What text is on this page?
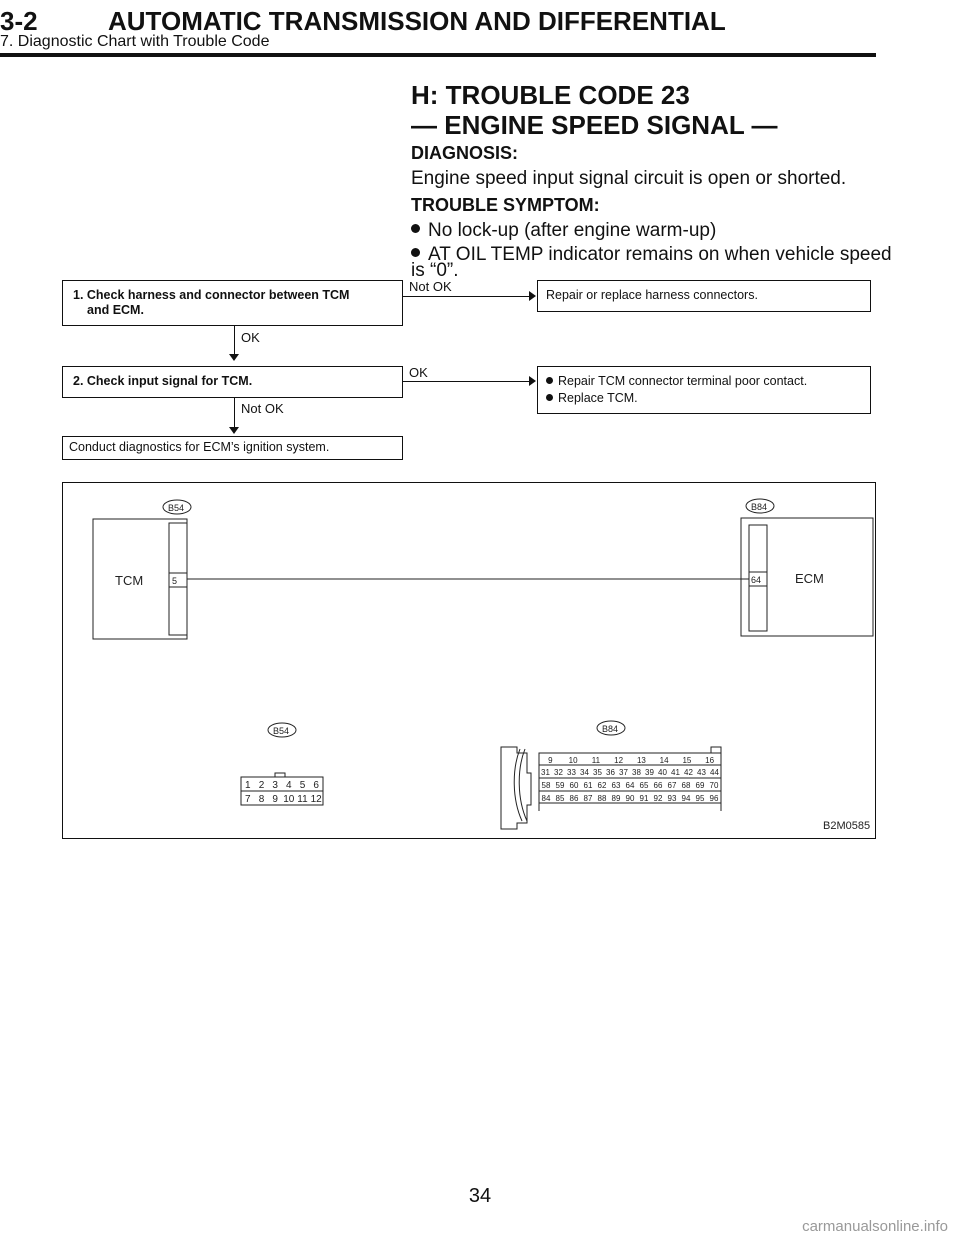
3-2	AUTOMATIC TRANSMISSION AND DIFFERENTIAL
7. Diagnostic Chart with Trouble Code
H: TROUBLE CODE 23
— ENGINE SPEED SIGNAL —
DIAGNOSIS:
Engine speed input signal circuit is open or shorted.
TROUBLE SYMPTOM:
No lock-up (after engine warm-up)
AT OIL TEMP indicator remains on when vehicle speed
is “0”.
1. Check harness and connector between TCM
and ECM.
Not OK
Repair or replace harness connectors.
OK
2. Check input signal for TCM.
OK
Repair TCM connector terminal poor contact.
Replace TCM.
Not OK
Conduct diagnostics for ECM’s ignition system.
TCM	ECM
5	64
B54	B84
B54	B84
B2M0585
1 2 3 4 5 6
7 8 9 10 11 12
9 10 11 12 13 14 15 16
31 32 33 34 35 36 37 38 39 40 41 42 43 44
58 59 60 61 62 63 64 65 66 67 68 69 70
84 85 86 87 88 89 90 91 92 93 94 95 96
34
carmanualsonline.info
